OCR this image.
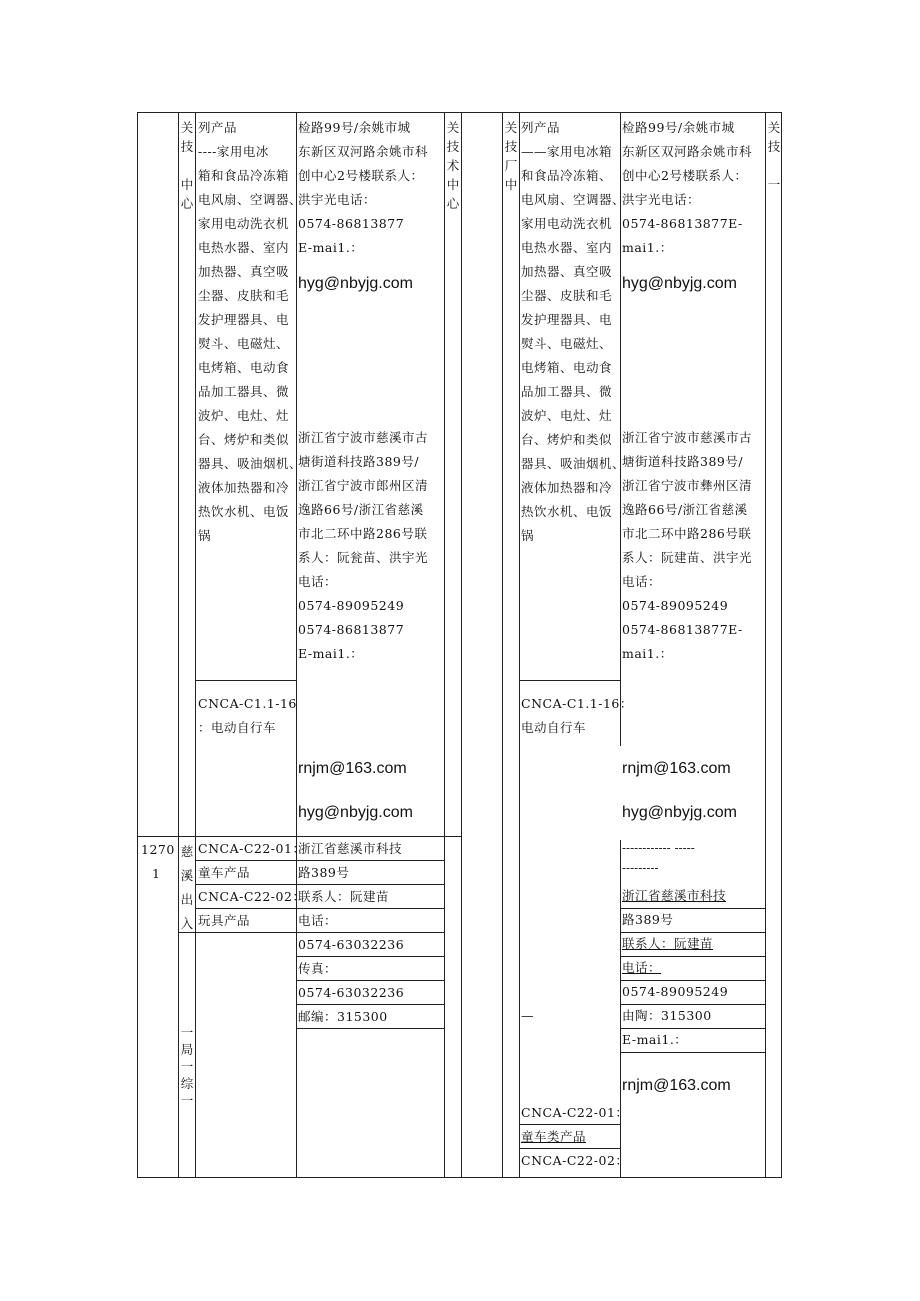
关
技
中
心
列产品
----家用电冰
箱和食品冷冻箱
电风扇、空调器、
家用电动洗衣机
电热水器、室内
加热器、真空吸
尘器、皮肤和毛
发护理器具、电
熨斗、电磁灶、
电烤箱、电动食
品加工器具、微
波炉、电灶、灶
台、烤炉和类似
器具、吸油烟机、
液体加热器和冷
热饮水机、电饭
锅
检路99号/余姚市城
东新区双河路余姚市科
创中心2号楼联系人：
洪宇光电话：
0574-86813877
E-mai1.：
hyg@nbyjg.com
浙江省宁波市慈溪市古
塘街道科技路389号/
浙江省宁波市郎州区清
逸路66号/浙江省慈溪
市北二环中路286号联
系人：阮瓮苗、洪宇光
电话：
0574-89095249
0574-86813877
E-mai1.：
CNCA-C1.1-16
：电动自行车
rnjm@163.com
hyg@nbyjg.com
关
技
术
中
心
1270
1
慈
溪
出
入
一
局
一
综
一
CNCA-C22-01：
童车产品
CNCA-C22-02：
玩具产品
浙江省慈溪市科技
路389号
联系人：阮建苗
电话：
0574-63032236
传真：
0574-63032236
邮编：315300
关
技
厂
中
列产品
——家用电冰箱
和食品冷冻箱、
电风扇、空调器、
家用电动洗衣机
电热水器、室内
加热器、真空吸
尘器、皮肤和毛
发护理器具、电
熨斗、电磁灶、
电烤箱、电动食
品加工器具、微
波炉、电灶、灶
台、烤炉和类似
器具、吸油烟机、
液体加热器和冷
热饮水机、电饭
锅
检路99号/余姚市城
东新区双河路余姚市科
创中心2号楼联系人：
洪宇光电话：
0574-86813877E-
mai1.：
hyg@nbyjg.com
浙江省宁波市慈溪市古
塘街道科技路389号/
浙江省宁波市彝州区清
逸路66号/浙江省慈溪
市北二环中路286号联
系人：阮建苗、洪宇光
电话：
0574-89095249
0574-86813877E-
mai1.：
CNCA-C1.1-16：
电动自行车
rnjm@163.com
hyg@nbyjg.com
关
技
一
------------ -----
---------
浙江省慈溪市科技
路389号
联系人：阮建苗
电话：
0574-89095249
由陶：315300
E-mai1.：
rnjm@163.com
—
CNCA-C22-01：
童车类产品
CNCA-C22-02：
